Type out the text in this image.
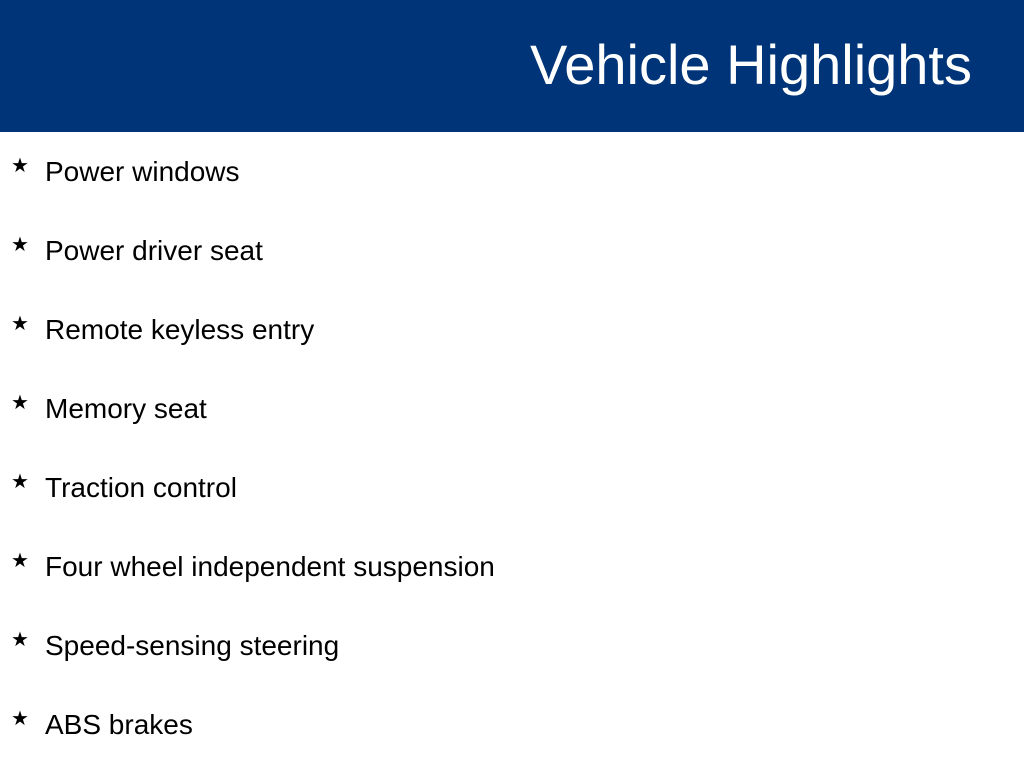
Vehicle Highlights
★ Power windows
★ Power driver seat
★ Remote keyless entry
★ Memory seat
★ Traction control
★ Four wheel independent suspension
★ Speed-sensing steering
★ ABS brakes
